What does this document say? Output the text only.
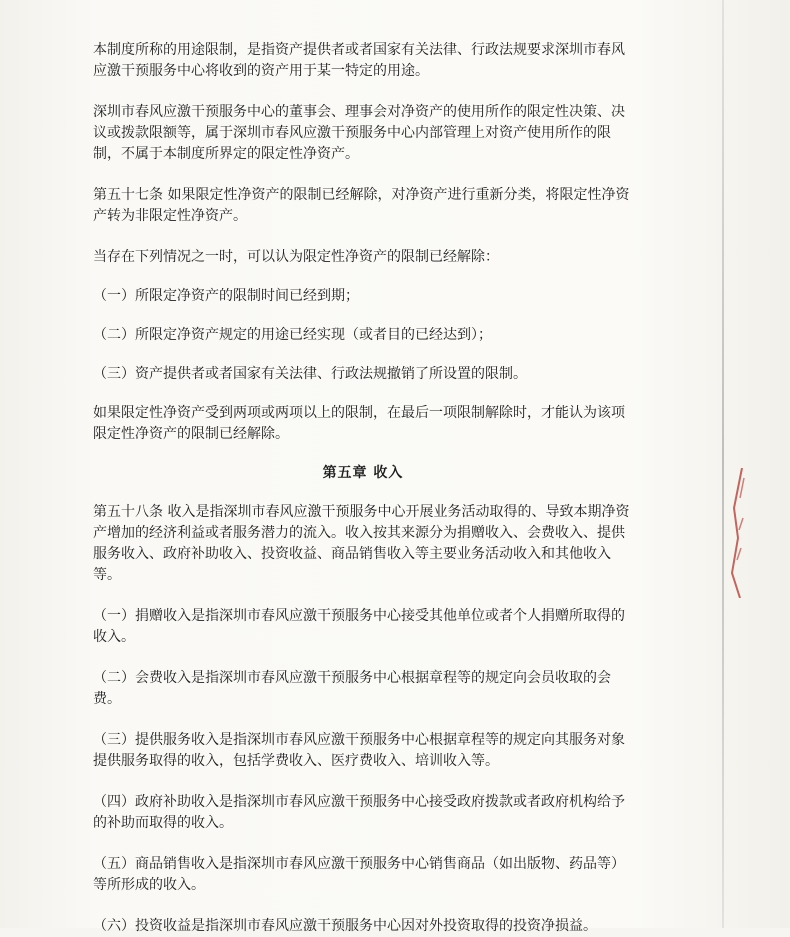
本制度所称的用途限制，是指资产提供者或者国家有关法律、行政法规要求深圳市春风应激干预服务中心将收到的资产用于某一特定的用途。

深圳市春风应激干预服务中心的董事会、理事会对净资产的使用所作的限定性决策、决议或拨款限额等，属于深圳市春风应激干预服务中心内部管理上对资产使用所作的限制，不属于本制度所界定的限定性净资产。

第五十七条 如果限定性净资产的限制已经解除，对净资产进行重新分类，将限定性净资产转为非限定性净资产。

当存在下列情况之一时，可以认为限定性净资产的限制已经解除：

（一）所限定净资产的限制时间已经到期；

（二）所限定净资产规定的用途已经实现（或者目的已经达到）；

（三）资产提供者或者国家有关法律、行政法规撤销了所设置的限制。

如果限定性净资产受到两项或两项以上的限制，在最后一项限制解除时，才能认为该项限定性净资产的限制已经解除。

第五章 收入

第五十八条 收入是指深圳市春风应激干预服务中心开展业务活动取得的、导致本期净资产增加的经济利益或者服务潜力的流入。收入按其来源分为捐赠收入、会费收入、提供服务收入、政府补助收入、投资收益、商品销售收入等主要业务活动收入和其他收入等。

（一）捐赠收入是指深圳市春风应激干预服务中心接受其他单位或者个人捐赠所取得的收入。

（二）会费收入是指深圳市春风应激干预服务中心根据章程等的规定向会员收取的会费。

（三）提供服务收入是指深圳市春风应激干预服务中心根据章程等的规定向其服务对象提供服务取得的收入，包括学费收入、医疗费收入、培训收入等。

（四）政府补助收入是指深圳市春风应激干预服务中心接受政府拨款或者政府机构给予的补助而取得的收入。

（五）商品销售收入是指深圳市春风应激干预服务中心销售商品（如出版物、药品等）等所形成的收入。

（六）投资收益是指深圳市春风应激干预服务中心因对外投资取得的投资净损益。
